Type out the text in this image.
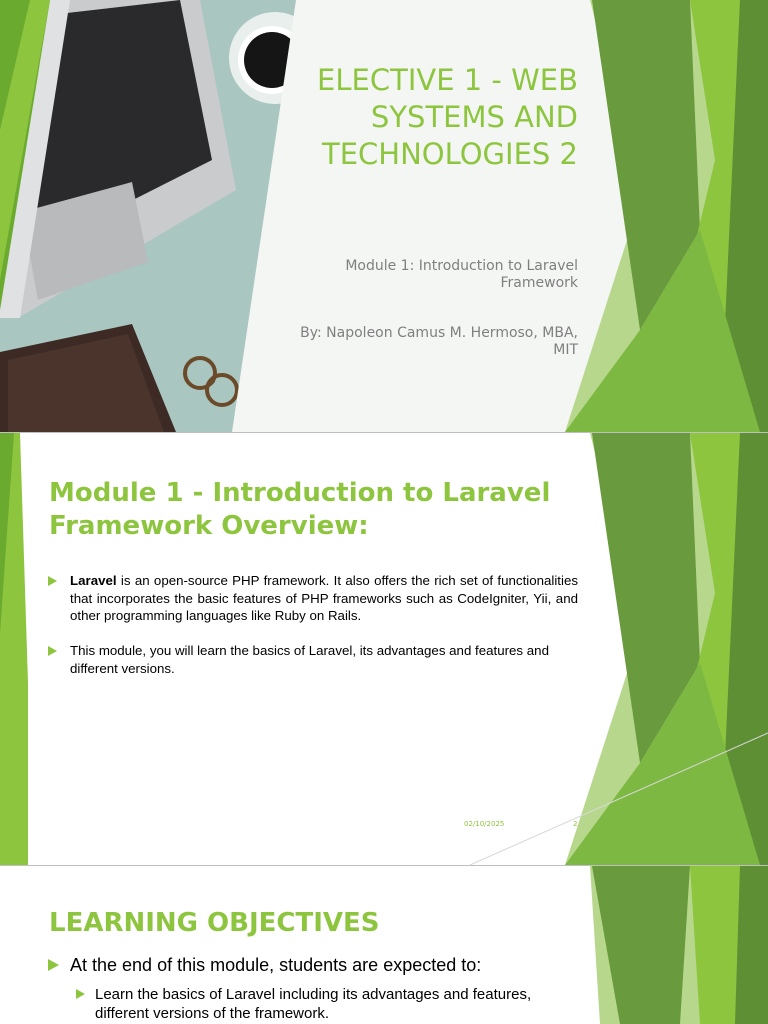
ELECTIVE 1 - WEB SYSTEMS AND TECHNOLOGIES 2
Module 1: Introduction to Laravel Framework
By: Napoleon Camus M. Hermoso, MBA, MIT
Module 1 - Introduction to Laravel Framework Overview:
Laravel is an open-source PHP framework. It also offers the rich set of functionalities that incorporates the basic features of PHP frameworks such as CodeIgniter, Yii, and other programming languages like Ruby on Rails.
This module, you will learn the basics of Laravel, its advantages and features and different versions.
02/10/2025	2
LEARNING OBJECTIVES
At the end of this module, students are expected to:
Learn the basics of Laravel including its advantages and features, different versions of the framework.
